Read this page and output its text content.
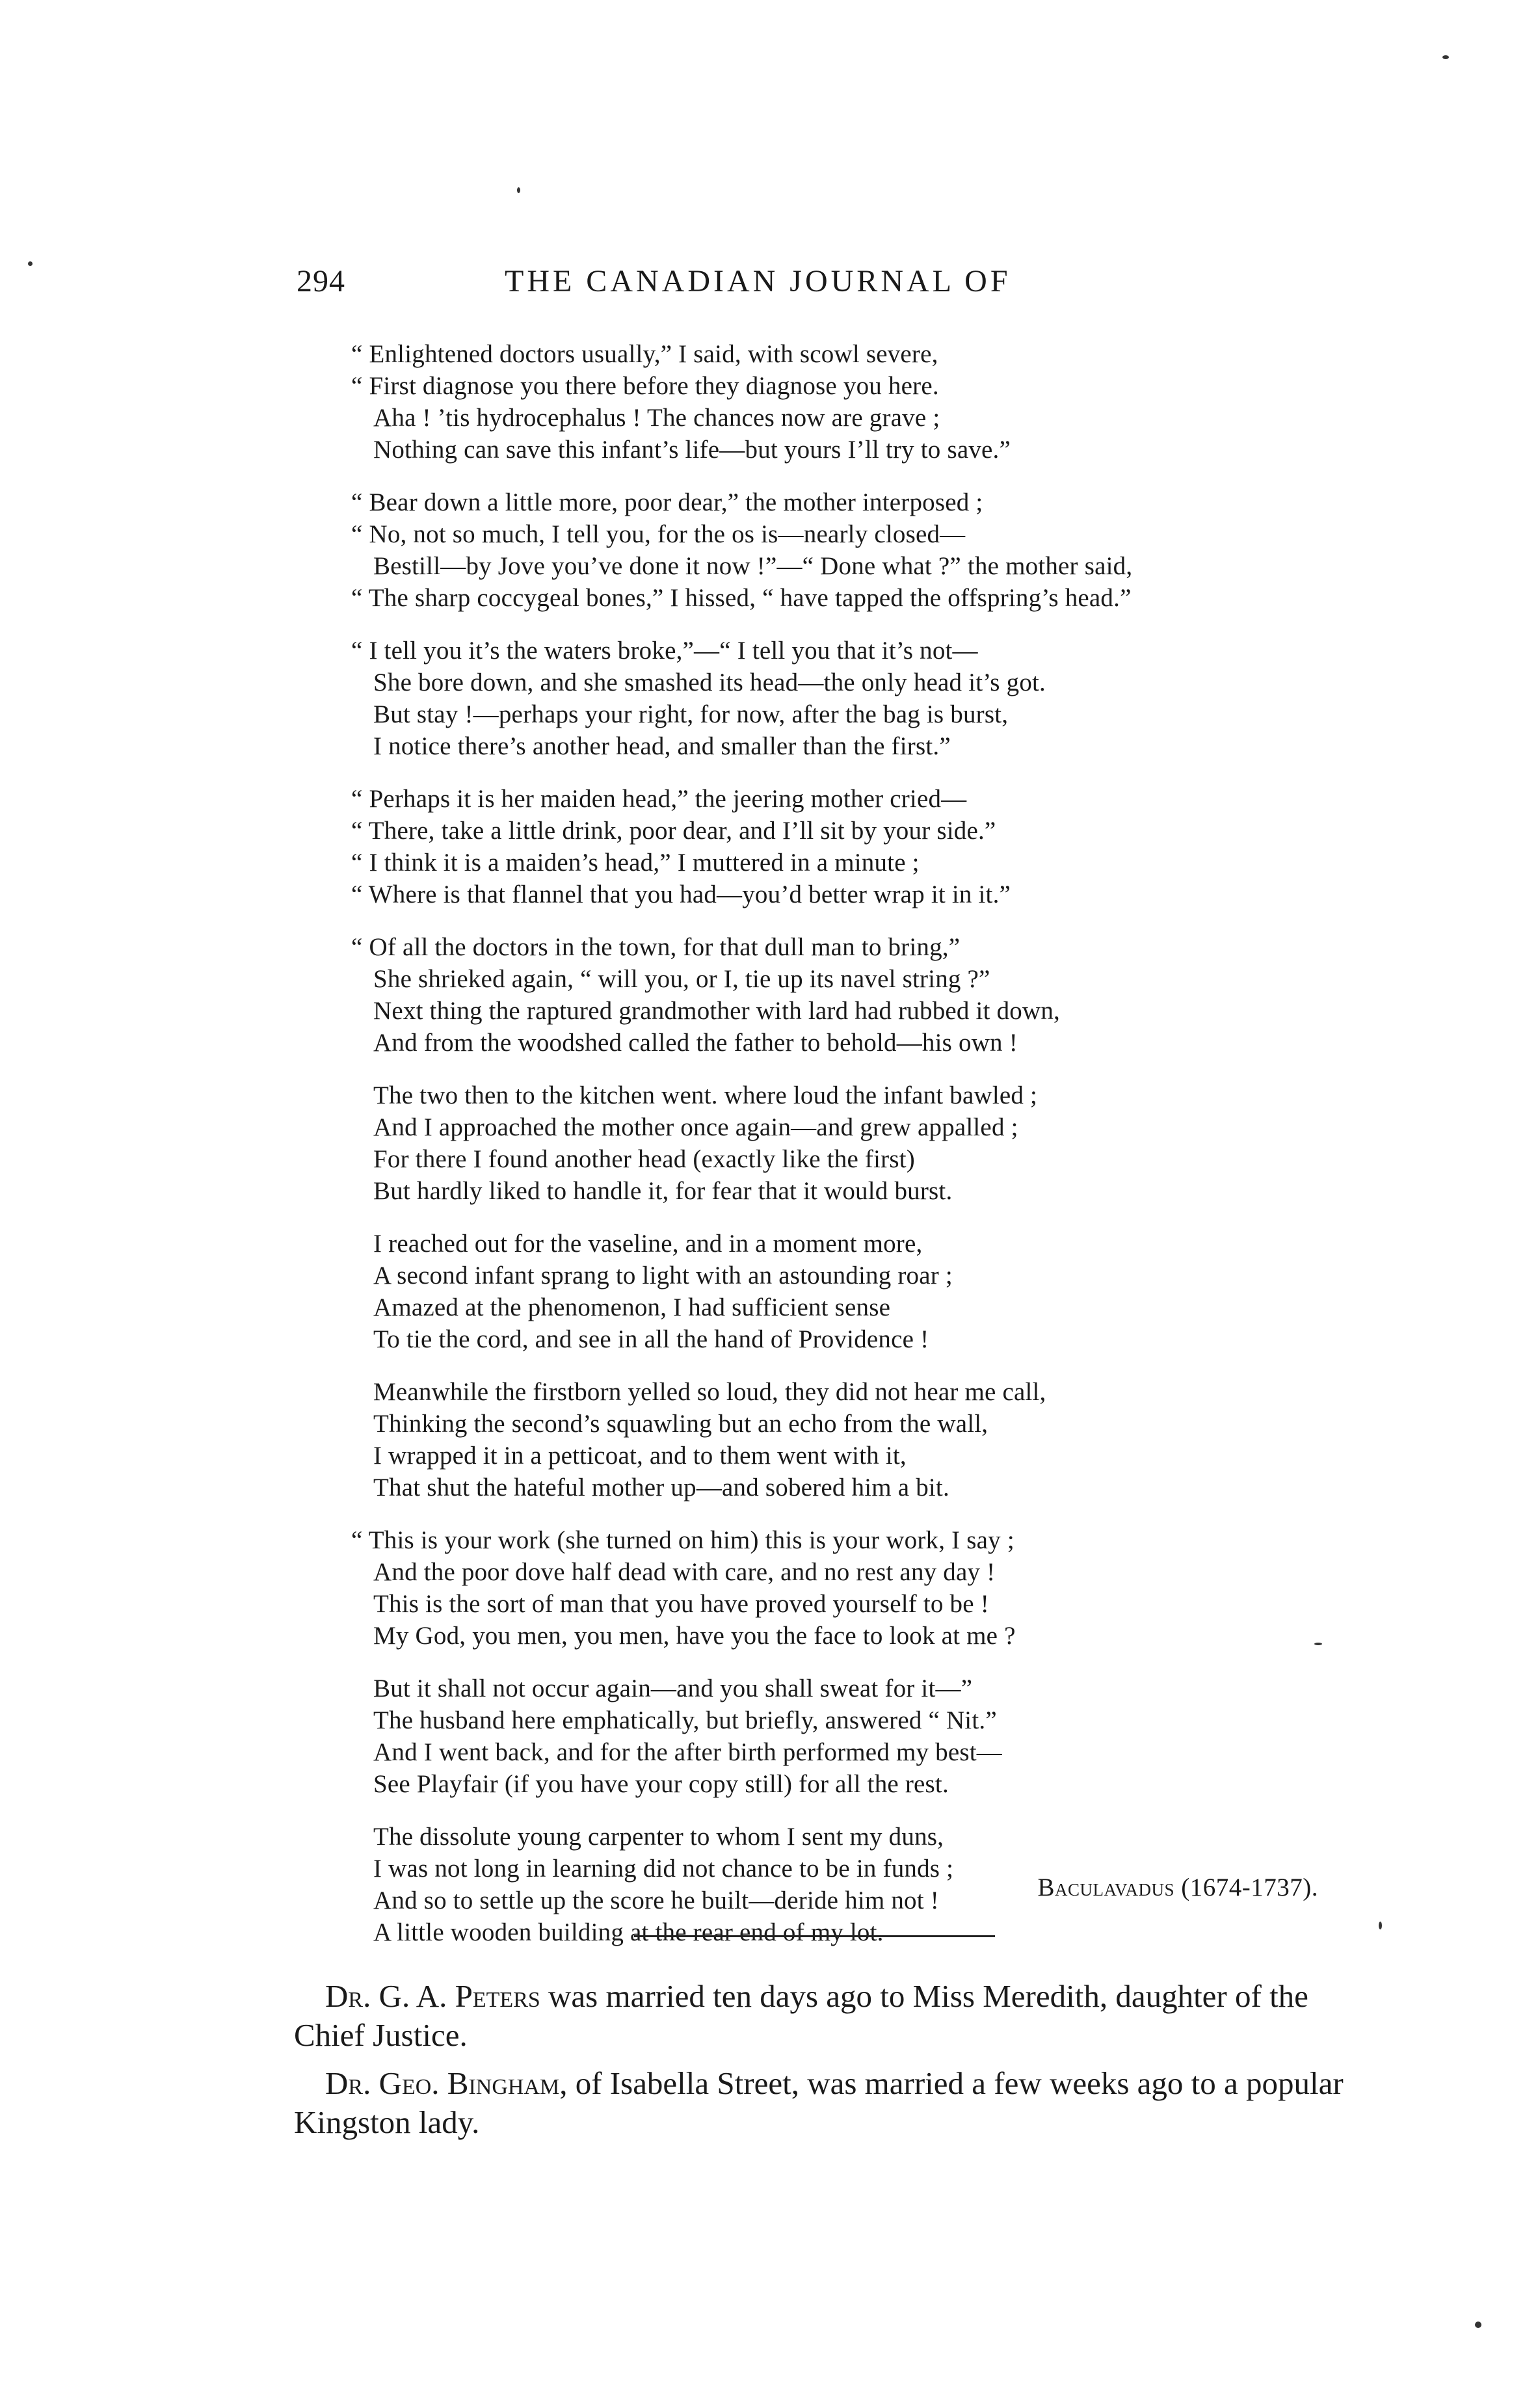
294	THE CANADIAN JOURNAL OF
“ Enlightened doctors usually,” I said, with scowl severe,
“ First diagnose you there before they diagnose you here.
Aha ! ’tis hydrocephalus ! The chances now are grave ;
Nothing can save this infant’s life—but yours I’ll try to save.”
“ Bear down a little more, poor dear,” the mother interposed ;
“ No, not so much, I tell you, for the os is—nearly closed—
Bestill—by Jove you’ve done it now !”—“ Done what ?” the mother said,
“ The sharp coccygeal bones,” I hissed, “ have tapped the offspring’s head.”
“ I tell you it’s the waters broke,”—“ I tell you that it’s not—
She bore down, and she smashed its head—the only head it’s got.
But stay !—perhaps your right, for now, after the bag is burst,
I notice there’s another head, and smaller than the first.”
“ Perhaps it is her maiden head,” the jeering mother cried—
“ There, take a little drink, poor dear, and I’ll sit by your side.”
“ I think it is a maiden’s head,” I muttered in a minute ;
“ Where is that flannel that you had—you’d better wrap it in it.”
“ Of all the doctors in the town, for that dull man to bring,”
She shrieked again, “ will you, or I, tie up its navel string ?”
Next thing the raptured grandmother with lard had rubbed it down,
And from the woodshed called the father to behold—his own !
The two then to the kitchen went. where loud the infant bawled ;
And I approached the mother once again—and grew appalled ;
For there I found another head (exactly like the first)
But hardly liked to handle it, for fear that it would burst.
I reached out for the vaseline, and in a moment more,
A second infant sprang to light with an astounding roar ;
Amazed at the phenomenon, I had sufficient sense
To tie the cord, and see in all the hand of Providence !
Meanwhile the firstborn yelled so loud, they did not hear me call,
Thinking the second’s squawling but an echo from the wall,
I wrapped it in a petticoat, and to them went with it,
That shut the hateful mother up—and sobered him a bit.
“ This is your work (she turned on him) this is your work, I say ;
And the poor dove half dead with care, and no rest any day !
This is the sort of man that you have proved yourself to be !
My God, you men, you men, have you the face to look at me ?
But it shall not occur again—and you shall sweat for it—”
The husband here emphatically, but briefly, answered “ Nit.”
And I went back, and for the after birth performed my best—
See Playfair (if you have your copy still) for all the rest.
The dissolute young carpenter to whom I sent my duns,
I was not long in learning did not chance to be in funds ;
And so to settle up the score he built—deride him not !
A little wooden building at the rear end of my lot.
Baculavadus (1674-1737).

Dr. G. A. Peters was married ten days ago to Miss Meredith, daughter of the Chief Justice.

Dr. Geo. Bingham, of Isabella Street, was married a few weeks ago to a popular Kingston lady.
